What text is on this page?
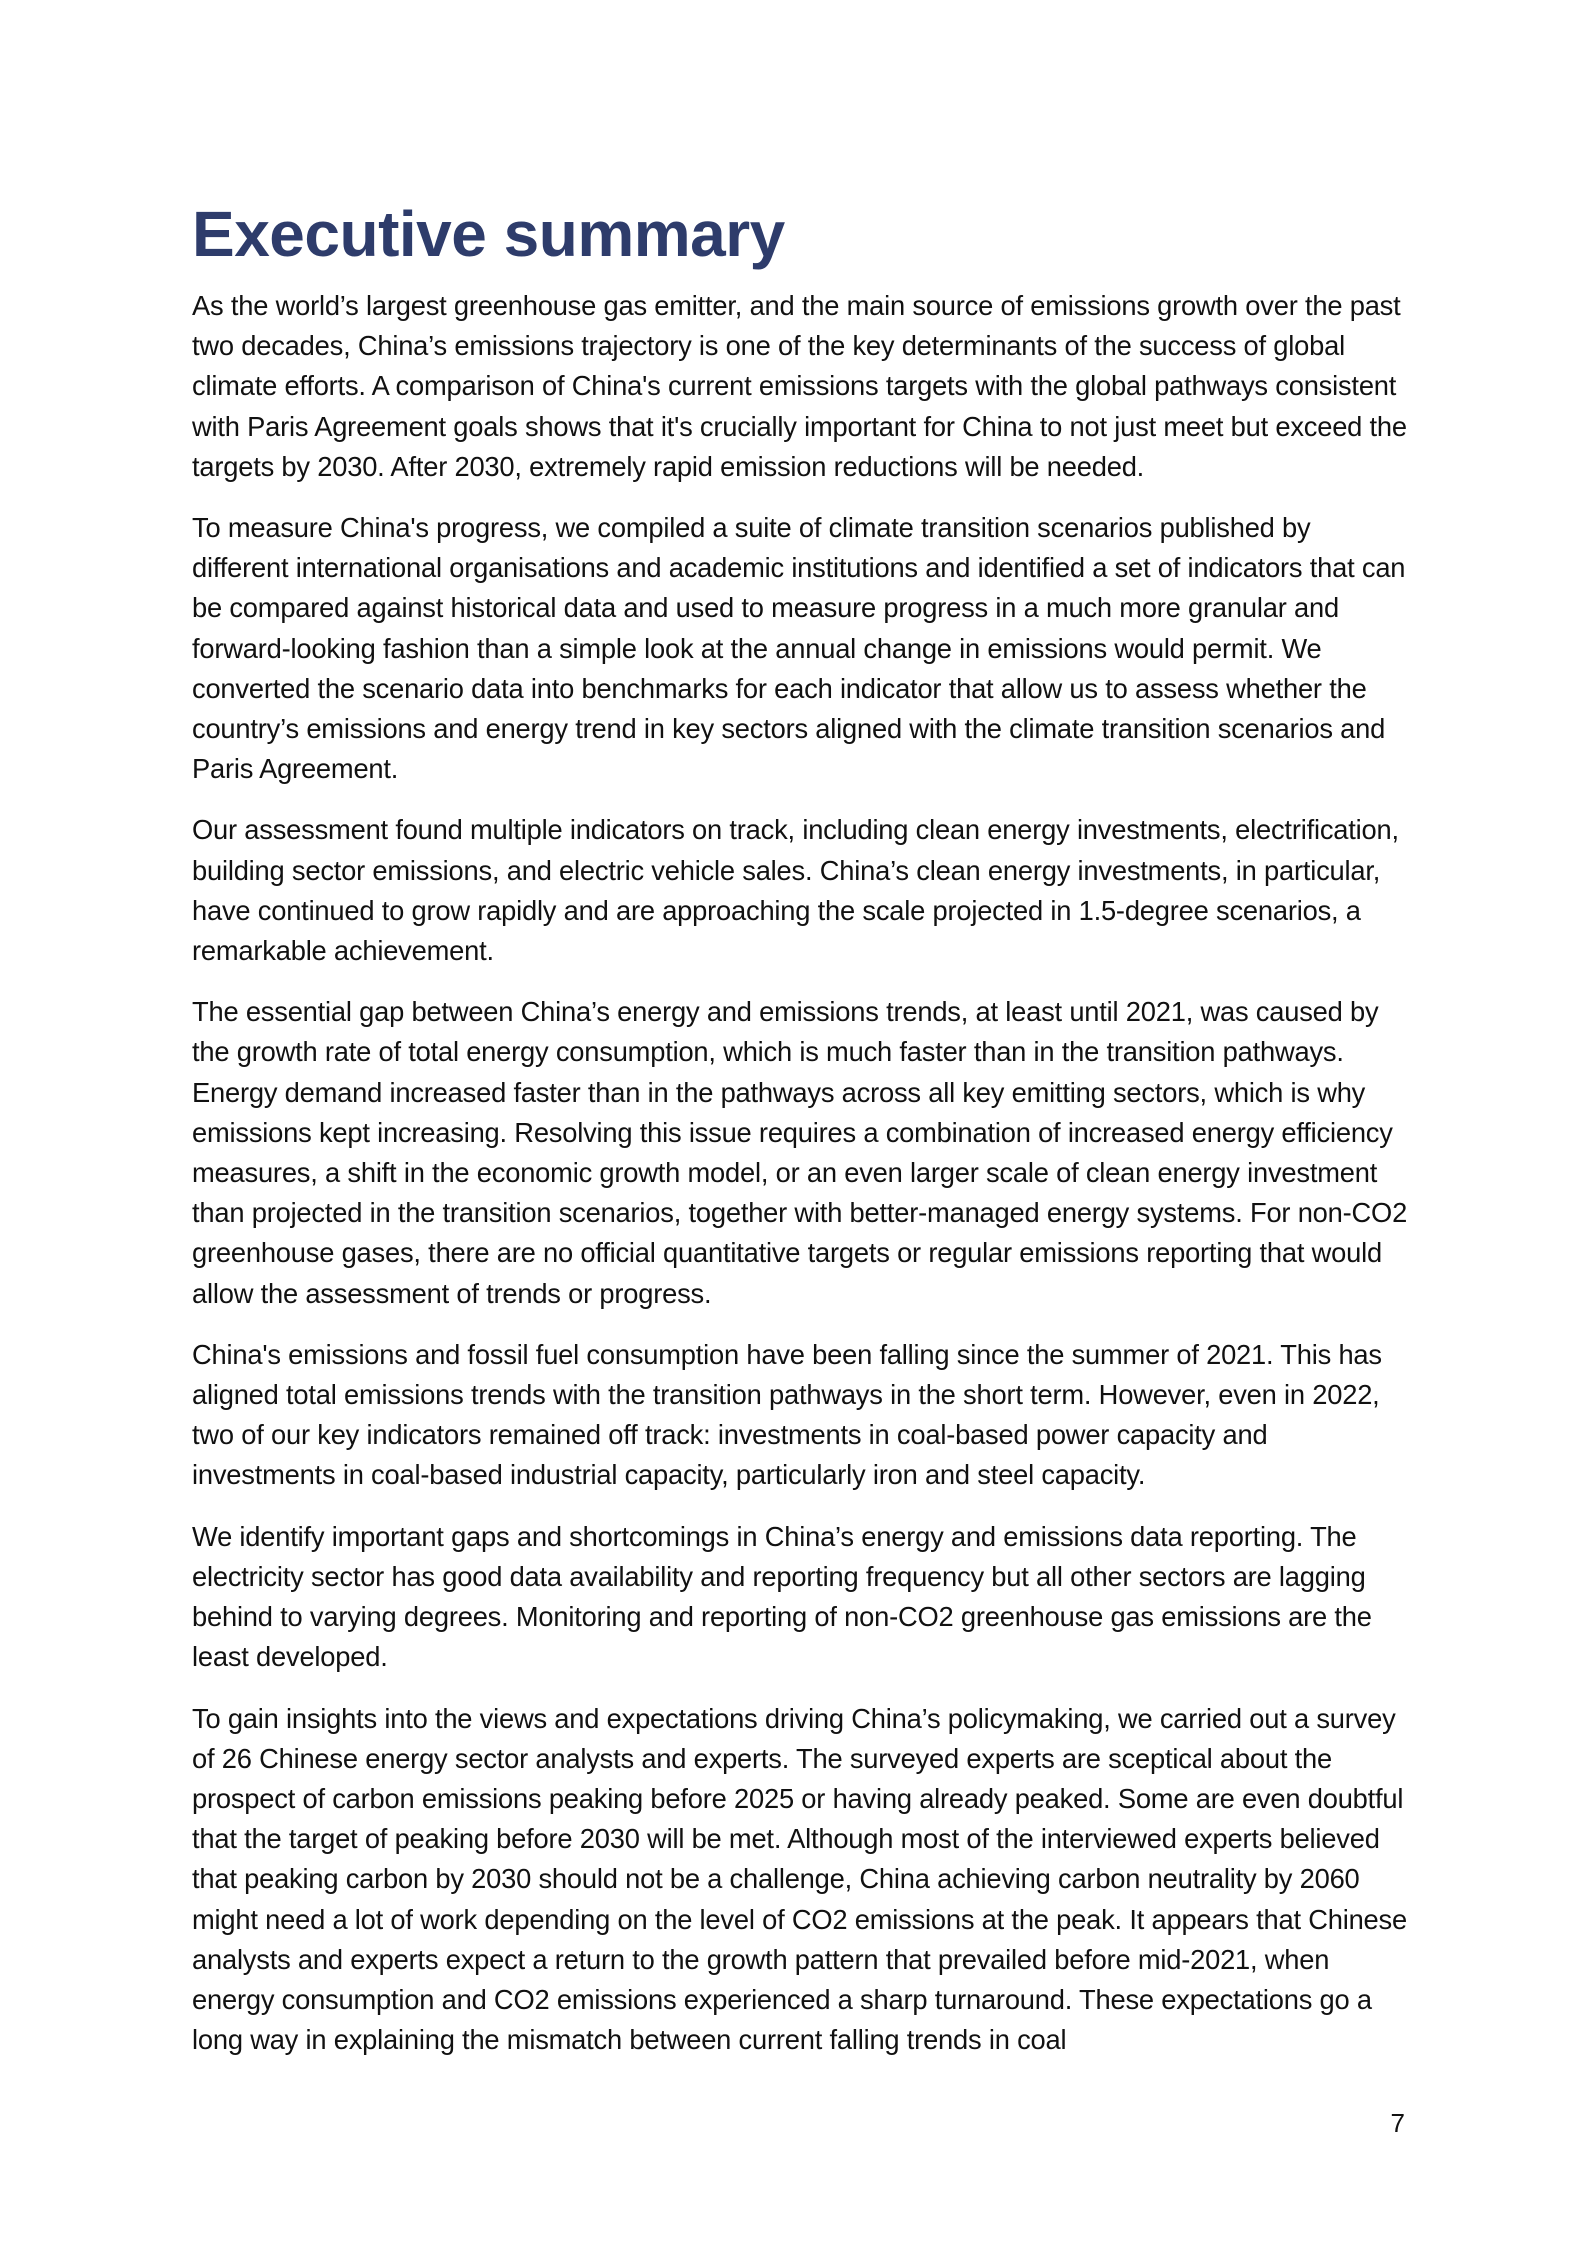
Executive summary

As the world’s largest greenhouse gas emitter, and the main source of emissions growth over the past two decades, China’s emissions trajectory is one of the key determinants of the success of global climate efforts. A comparison of China's current emissions targets with the global pathways consistent with Paris Agreement goals shows that it's crucially important for China to not just meet but exceed the targets by 2030. After 2030, extremely rapid emission reductions will be needed.

To measure China's progress, we compiled a suite of climate transition scenarios published by different international organisations and academic institutions and identified a set of indicators that can be compared against historical data and used to measure progress in a much more granular and forward-looking fashion than a simple look at the annual change in emissions would permit. We converted the scenario data into benchmarks for each indicator that allow us to assess whether the country’s emissions and energy trend in key sectors aligned with the climate transition scenarios and Paris Agreement.

Our assessment found multiple indicators on track, including clean energy investments, electrification, building sector emissions, and electric vehicle sales. China’s clean energy investments, in particular, have continued to grow rapidly and are approaching the scale projected in 1.5-degree scenarios, a remarkable achievement.

The essential gap between China’s energy and emissions trends, at least until 2021, was caused by the growth rate of total energy consumption, which is much faster than in the transition pathways. Energy demand increased faster than in the pathways across all key emitting sectors, which is why emissions kept increasing. Resolving this issue requires a combination of increased energy efficiency measures, a shift in the economic growth model, or an even larger scale of clean energy investment than projected in the transition scenarios, together with better-managed energy systems. For non-CO2 greenhouse gases, there are no official quantitative targets or regular emissions reporting that would allow the assessment of trends or progress.

China's emissions and fossil fuel consumption have been falling since the summer of 2021. This has aligned total emissions trends with the transition pathways in the short term. However, even in 2022, two of our key indicators remained off track: investments in coal-based power capacity and investments in coal-based industrial capacity, particularly iron and steel capacity.

We identify important gaps and shortcomings in China’s energy and emissions data reporting. The electricity sector has good data availability and reporting frequency but all other sectors are lagging behind to varying degrees. Monitoring and reporting of non-CO2 greenhouse gas emissions are the least developed.

To gain insights into the views and expectations driving China’s policymaking, we carried out a survey of 26 Chinese energy sector analysts and experts. The surveyed experts are sceptical about the prospect of carbon emissions peaking before 2025 or having already peaked. Some are even doubtful that the target of peaking before 2030 will be met. Although most of the interviewed experts believed that peaking carbon by 2030 should not be a challenge, China achieving carbon neutrality by 2060 might need a lot of work depending on the level of CO2 emissions at the peak. It appears that Chinese analysts and experts expect a return to the growth pattern that prevailed before mid-2021, when energy consumption and CO2 emissions experienced a sharp turnaround. These expectations go a long way in explaining the mismatch between current falling trends in coal

7
